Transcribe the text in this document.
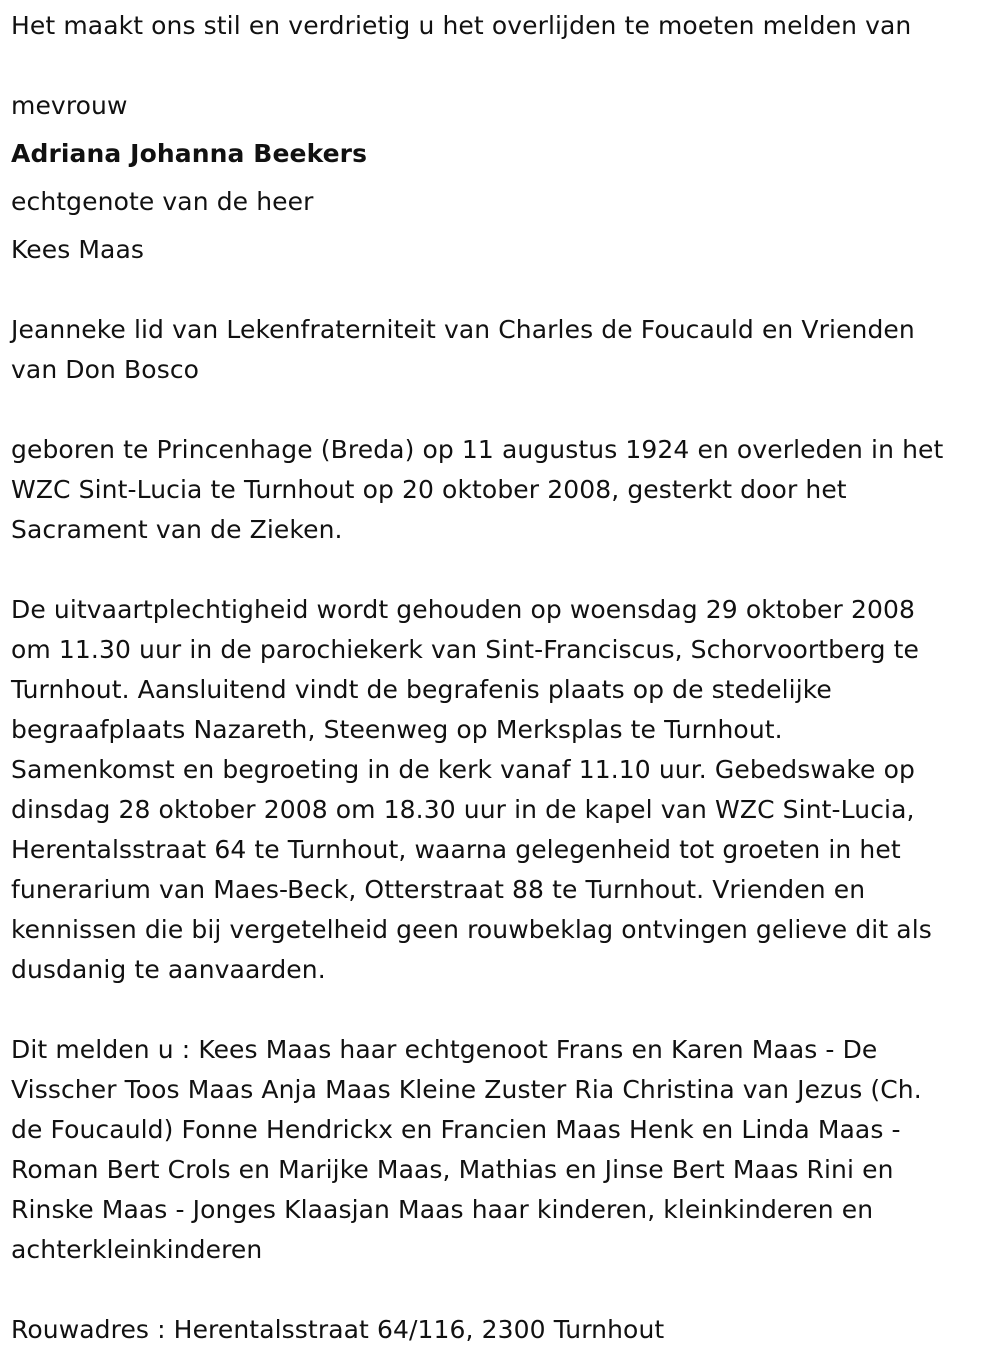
Het maakt ons stil en verdrietig u het overlijden te moeten melden van
mevrouw
Adriana Johanna Beekers
echtgenote van de heer
Kees Maas
Jeanneke lid van Lekenfraterniteit van Charles de Foucauld en Vrienden
van Don Bosco
geboren te Princenhage (Breda) op 11 augustus 1924 en overleden in het
WZC Sint-Lucia te Turnhout op 20 oktober 2008, gesterkt door het
Sacrament van de Zieken.
De uitvaartplechtigheid wordt gehouden op woensdag 29 oktober 2008
om 11.30 uur in de parochiekerk van Sint-Franciscus, Schorvoortberg te
Turnhout. Aansluitend vindt de begrafenis plaats op de stedelijke
begraafplaats Nazareth, Steenweg op Merksplas te Turnhout.
Samenkomst en begroeting in de kerk vanaf 11.10 uur. Gebedswake op
dinsdag 28 oktober 2008 om 18.30 uur in de kapel van WZC Sint-Lucia,
Herentalsstraat 64 te Turnhout, waarna gelegenheid tot groeten in het
funerarium van Maes-Beck, Otterstraat 88 te Turnhout. Vrienden en
kennissen die bij vergetelheid geen rouwbeklag ontvingen gelieve dit als
dusdanig te aanvaarden.
Dit melden u : Kees Maas haar echtgenoot Frans en Karen Maas - De
Visscher Toos Maas Anja Maas Kleine Zuster Ria Christina van Jezus (Ch.
de Foucauld) Fonne Hendrickx en Francien Maas Henk en Linda Maas -
Roman Bert Crols en Marijke Maas, Mathias en Jinse Bert Maas Rini en
Rinske Maas - Jonges Klaasjan Maas haar kinderen, kleinkinderen en
achterkleinkinderen
Rouwadres : Herentalsstraat 64/116, 2300 Turnhout
